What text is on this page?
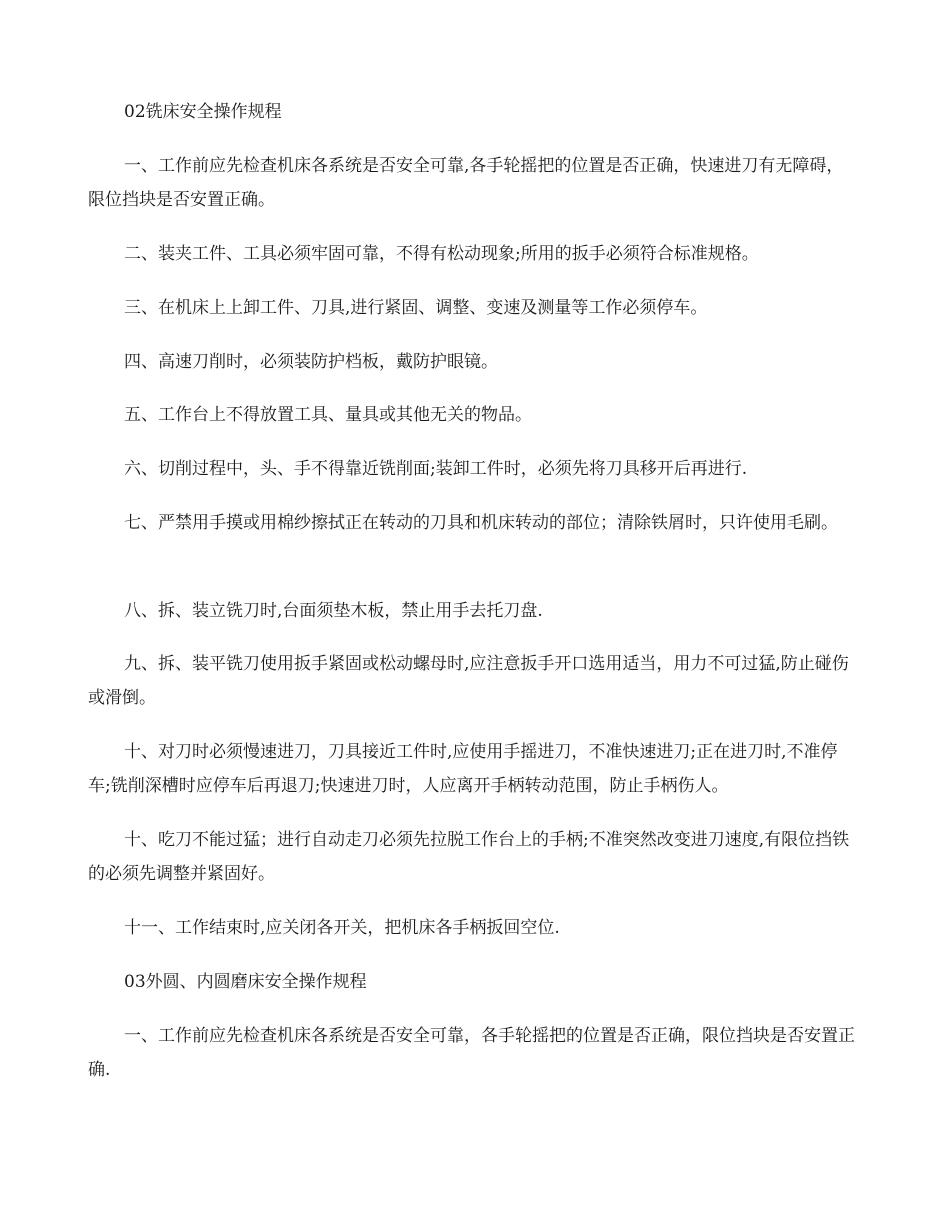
02铣床安全操作规程

一、工作前应先检查机床各系统是否安全可靠,各手轮摇把的位置是否正确，快速进刀有无障碍，限位挡块是否安置正确。

二、装夹工件、工具必须牢固可靠，不得有松动现象;所用的扳手必须符合标准规格。

三、在机床上上卸工件、刀具,进行紧固、调整、变速及测量等工作必须停车。

四、高速刀削时，必须装防护档板，戴防护眼镜。

五、工作台上不得放置工具、量具或其他无关的物品。

六、切削过程中，头、手不得靠近铣削面;装卸工件时，必须先将刀具移开后再进行.

七、严禁用手摸或用棉纱擦拭正在转动的刀具和机床转动的部位；清除铁屑时，只许使用毛刷。

八、拆、装立铣刀时,台面须垫木板，禁止用手去托刀盘.

九、拆、装平铣刀使用扳手紧固或松动螺母时,应注意扳手开口选用适当，用力不可过猛,防止碰伤或滑倒。

十、对刀时必须慢速进刀，刀具接近工件时,应使用手摇进刀，不准快速进刀;正在进刀时,不准停车;铣削深槽时应停车后再退刀;快速进刀时，人应离开手柄转动范围，防止手柄伤人。

十、吃刀不能过猛；进行自动走刀必须先拉脱工作台上的手柄;不准突然改变进刀速度,有限位挡铁的必须先调整并紧固好。

十一、工作结束时,应关闭各开关，把机床各手柄扳回空位.

03外圆、内圆磨床安全操作规程

一、工作前应先检查机床各系统是否安全可靠，各手轮摇把的位置是否正确，限位挡块是否安置正确.
